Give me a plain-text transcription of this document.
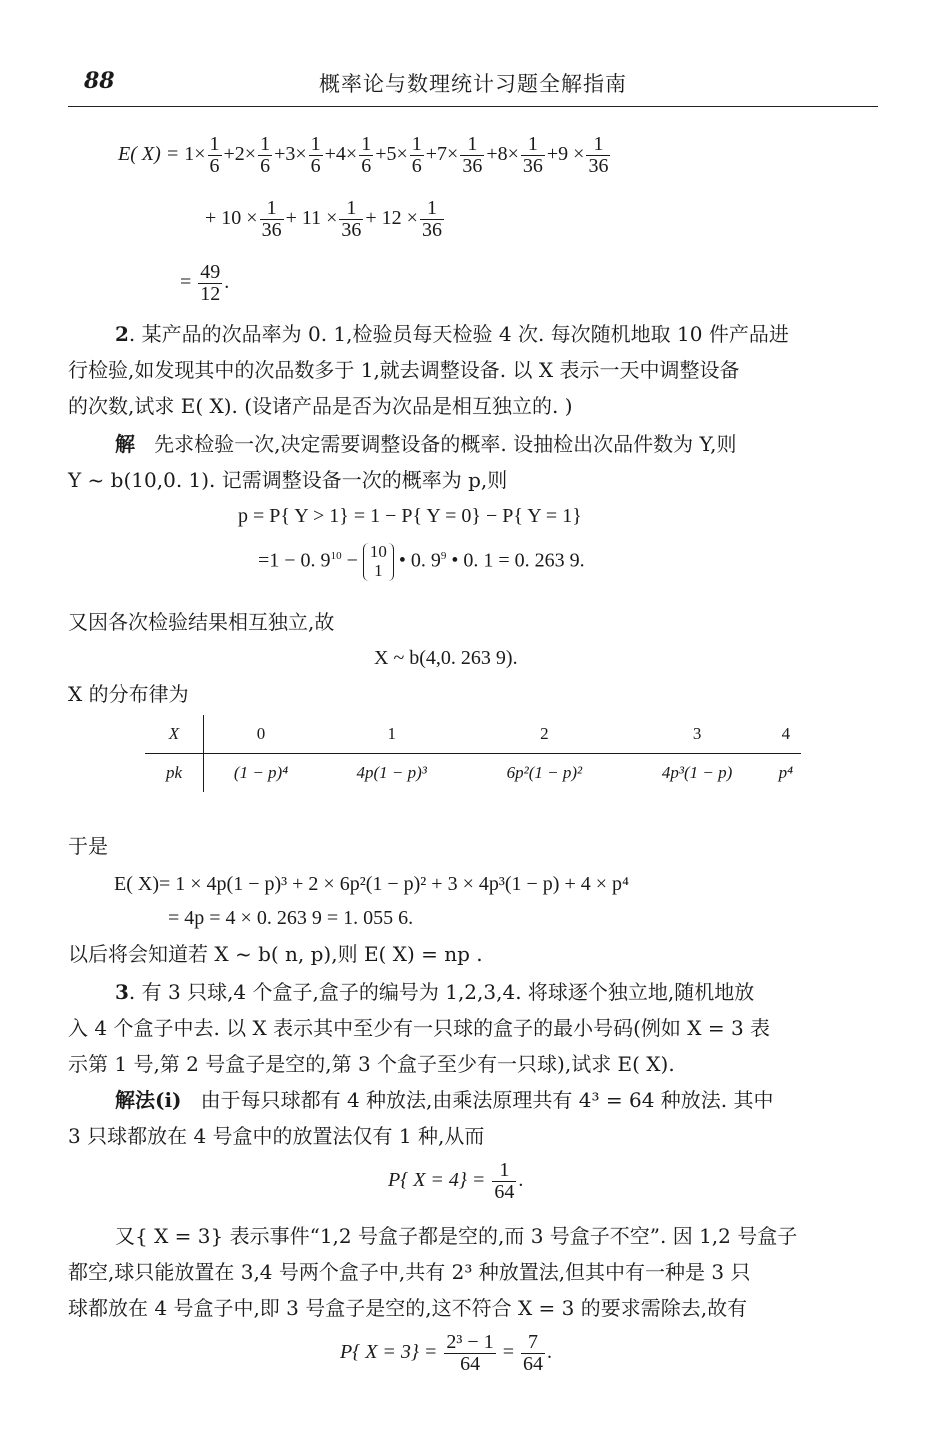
88	概率论与数理统计习题全解指南
E( $X) = 1\times \frac{1}{6} +2\times \frac{1}{6} +3\times \frac{1}{6} +4\times \frac{1}{6} +5\times \frac{1}{6} +7\times \frac{1}{36} +8\times \frac{1}{36} +9 \times \frac{1}{36}$
+ $10 \times \frac{1}{36} + 11 \times \frac{1}{36} + 12 \times \frac{1}{36}$
= $\frac{49}{12}$ .
2. 某产品的次品率为 0. 1,检验员每天检验 4 次. 每次随机地取 10 件产品进
行检验,如发现其中的次品数多于 1,就去调整设备. 以 X 表示一天中调整设备
的次数,试求 E( X). (设诸产品是否为次品是相互独立的. )
解 先求检验一次,决定需要调整设备的概率. 设抽检出次品件数为 Y,则
Y ~ b(10,0. 1). 记需调整设备一次的概率为 p,则
p = P{ Y > 1} = 1 − P{ Y = 0} − P{ Y = 1}
=1 − 0. $9^{10} - 10$
1 • 0. $9^9$ • 0. 1 = 0. 263 9.
又因各次检验结果相互独立,故
X ~ b(4,0. 263 9).
X 的分布律为
X	0	1	2	3	4
pk	(1 − p)⁴	4p(1 − p)³	6p²(1 − p)²	4p³(1 − p)	p⁴
于是
E( X)= 1 × 4p(1 − p)³ + 2 × 6p²(1 − p)² + 3 × 4p³(1 − p) + 4 × p⁴
= 4p = 4 × 0. 263 9 = 1. 055 6.
以后将会知道若 X ~ b( n, p),则 E( X) = np .
3. 有 3 只球,4 个盒子,盒子的编号为 1,2,3,4. 将球逐个独立地,随机地放
入 4 个盒子中去. 以 X 表示其中至少有一只球的盒子的最小号码(例如 X = 3 表
示第 1 号,第 2 号盒子是空的,第 3 个盒子至少有一只球),试求 E( X).
解法(i) 由于每只球都有 4 种放法,由乘法原理共有 4³ = 64 种放法. 其中
3 只球都放在 4 号盒中的放置法仅有 1 种,从而
P{ $X = 4\} = \frac{1}{64}$ .
又{ X = 3} 表示事件“1,2 号盒子都是空的,而 3 号盒子不空”. 因 1,2 号盒子
都空,球只能放置在 3,4 号两个盒子中,共有 2³ 种放置法,但其中有一种是 3 只
球都放在 4 号盒子中,即 3 号盒子是空的,这不符合 X = 3 的要求需除去,故有
P{ $X = 3\} = \frac{\text{2³ − 1}}{64} = \frac{7}{64}$ .
